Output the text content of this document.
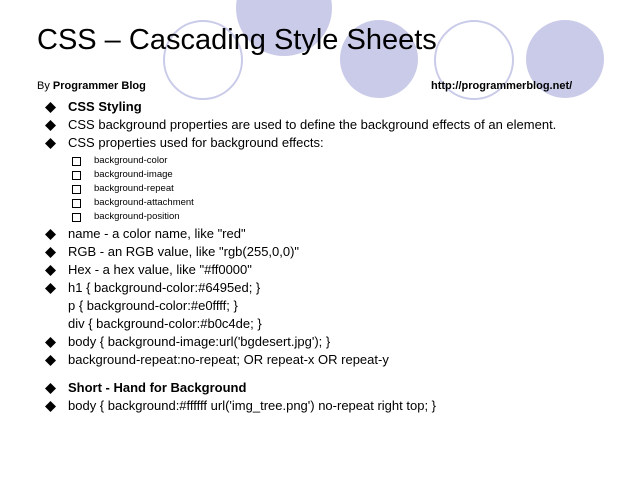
CSS – Cascading Style Sheets
By Programmer Blog	http://programmerblog.net/
CSS Styling
CSS background properties are used to define the background effects of an element.
CSS properties used for background effects:
background-color
background-image
background-repeat
background-attachment
background-position
name - a color name, like "red"
RGB - an RGB value, like "rgb(255,0,0)"
Hex - a hex value, like "#ff0000"
h1 { background-color:#6495ed; }
p { background-color:#e0ffff; }
div { background-color:#b0c4de; }
body { background-image:url('bgdesert.jpg'); }
background-repeat:no-repeat; OR repeat-x OR repeat-y
Short - Hand for Background
body { background:#ffffff url('img_tree.png') no-repeat right top; }
